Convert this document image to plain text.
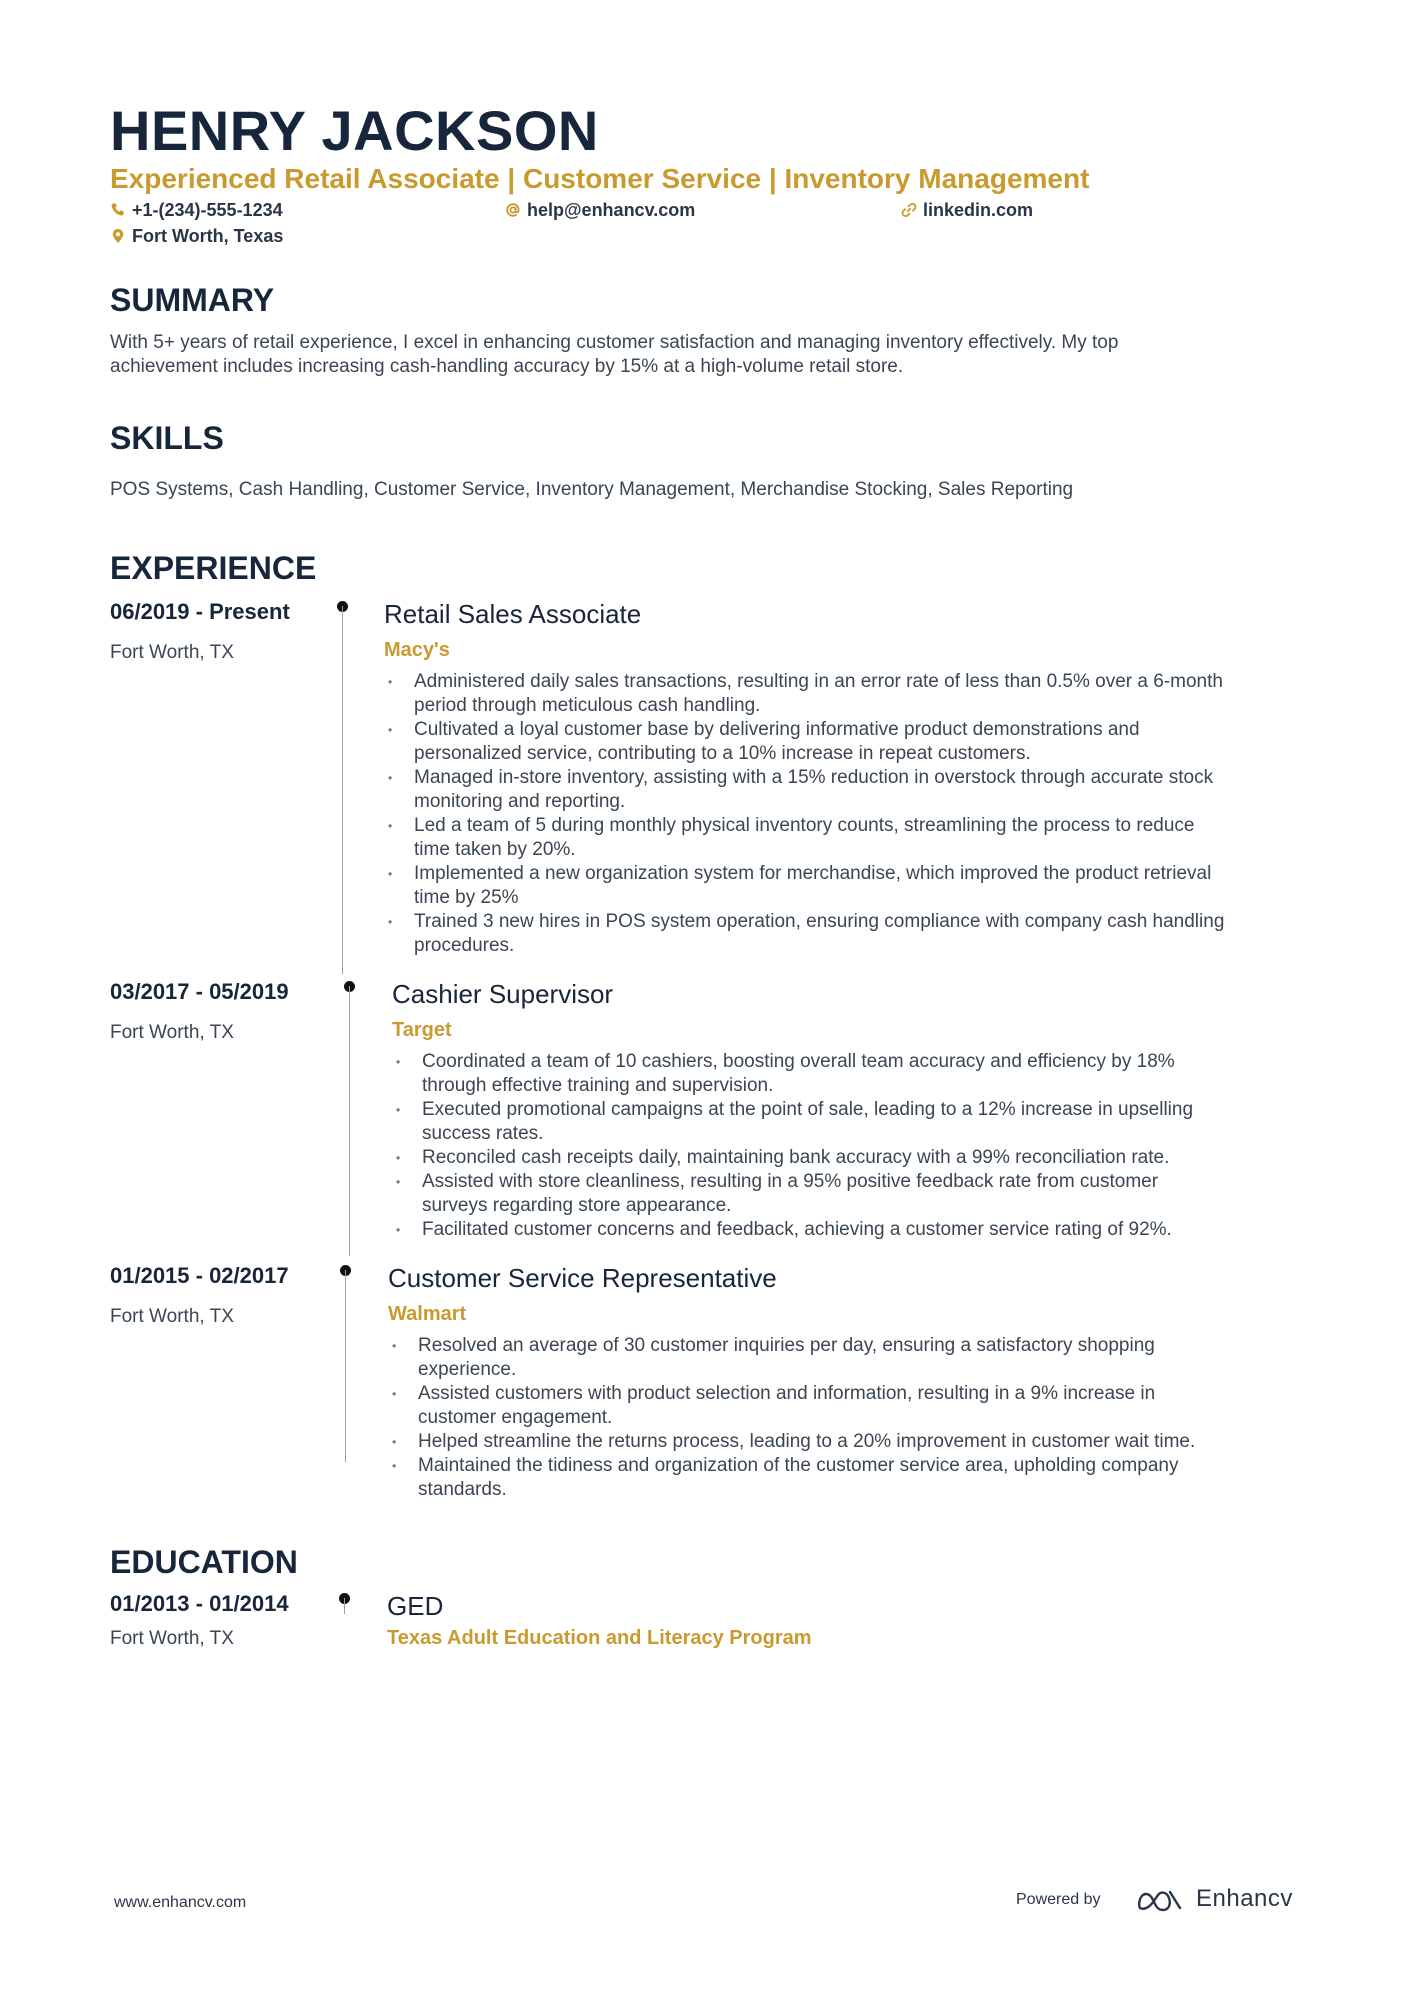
HENRY JACKSON
Experienced Retail Associate | Customer Service | Inventory Management
+1-(234)-555-1234	help@enhancv.com	linkedin.com
Fort Worth, Texas
SUMMARY
With 5+ years of retail experience, I excel in enhancing customer satisfaction and managing inventory effectively. My top
achievement includes increasing cash-handling accuracy by 15% at a high-volume retail store.
SKILLS
POS Systems, Cash Handling, Customer Service, Inventory Management, Merchandise Stocking, Sales Reporting
EXPERIENCE
06/2019 - Present
Fort Worth, TX
Retail Sales Associate
Macy's
• Administered daily sales transactions, resulting in an error rate of less than 0.5% over a 6-month
period through meticulous cash handling.
• Cultivated a loyal customer base by delivering informative product demonstrations and
personalized service, contributing to a 10% increase in repeat customers.
• Managed in-store inventory, assisting with a 15% reduction in overstock through accurate stock
monitoring and reporting.
• Led a team of 5 during monthly physical inventory counts, streamlining the process to reduce
time taken by 20%.
• Implemented a new organization system for merchandise, which improved the product retrieval
time by 25%
• Trained 3 new hires in POS system operation, ensuring compliance with company cash handling
procedures.
03/2017 - 05/2019
Fort Worth, TX
Cashier Supervisor
Target
• Coordinated a team of 10 cashiers, boosting overall team accuracy and efficiency by 18%
through effective training and supervision.
• Executed promotional campaigns at the point of sale, leading to a 12% increase in upselling
success rates.
• Reconciled cash receipts daily, maintaining bank accuracy with a 99% reconciliation rate.
• Assisted with store cleanliness, resulting in a 95% positive feedback rate from customer
surveys regarding store appearance.
• Facilitated customer concerns and feedback, achieving a customer service rating of 92%.
01/2015 - 02/2017
Fort Worth, TX
Customer Service Representative
Walmart
• Resolved an average of 30 customer inquiries per day, ensuring a satisfactory shopping
experience.
• Assisted customers with product selection and information, resulting in a 9% increase in
customer engagement.
• Helped streamline the returns process, leading to a 20% improvement in customer wait time.
• Maintained the tidiness and organization of the customer service area, upholding company
standards.
EDUCATION
01/2013 - 01/2014
Fort Worth, TX
GED
Texas Adult Education and Literacy Program
www.enhancv.com	Powered by	Enhancv
